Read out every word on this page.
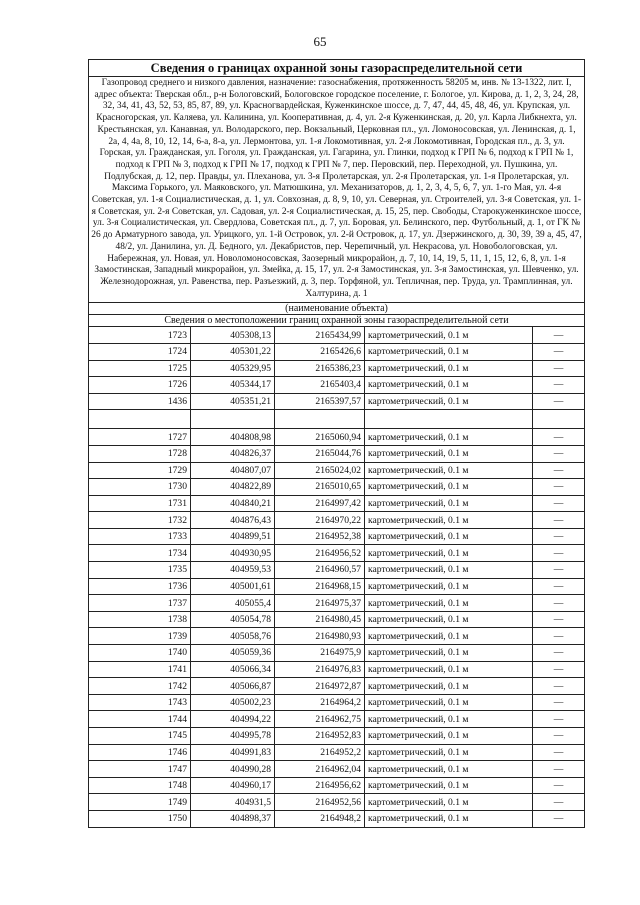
65
Сведения о границах охранной зоны газораспределительной сети				
Газопровод среднего и низкого давления, назначение: газоснабжения, протяженность 58205 м, инв. № 13-1322, лит. I, адрес объекта: Тверская обл., р-н Бологовский, Бологовское городское поселение, г. Бологое, ул. Кирова, д. 1, 2, 3, 24, 28, 32, 34, 41, 43, 52, 53, 85, 87, 89, ул. Красногвардейская, Куженкинское шоссе, д. 7, 47, 44, 45, 48, 46, ул. Крупская, ул. Красногорская, ул. Каляева, ул. Калинина, ул. Кооперативная, д. 4, ул. 2-я Куженкинская, д. 20, ул. Карла Либкнехта, ул. Крестьянская, ул. Канавная, ул. Володарского, пер. Вокзальный, Церковная пл., ул. Ломоносовская, ул. Ленинская, д. 1, 2а, 4, 4а, 8, 10, 12, 14, 6-а, 8-а, ул. Лермонтова, ул. 1-я Локомотивная, ул. 2-я Локомотивная, Городская пл., д. 3, ул. Горская, ул. Гражданская, ул. Гоголя, ул. Гражданская, ул. Гагарина, ул. Глинки, подход к ГРП № 6, подход к ГРП № 1, подход к ГРП № 3, подход к ГРП № 17, подход к ГРП № 7, пер. Перовский, пер. Переходной, ул. Пушкина, ул. Подлубская, д. 12, пер. Правды, ул. Плеханова, ул. 3-я Пролетарская, ул. 2-я Пролетарская, ул. 1-я Пролетарская, ул. Максима Горького, ул. Маяковского, ул. Матюшкина, ул. Механизаторов, д. 1, 2, 3, 4, 5, 6, 7, ул. 1-го Мая, ул. 4-я Советская, ул. 1-я Социалистическая, д. 1, ул. Совхозная, д. 8, 9, 10, ул. Северная, ул. Строителей, ул. 3-я Советская, ул. 1-я Советская, ул. 2-я Советская, ул. Садовая, ул. 2-я Социалистическая, д. 15, 25, пер. Свободы, Старокуженкинское шоссе, ул. 3-я Социалистическая, ул. Свердлова, Советская пл., д. 7, ул. Боровая, ул. Белинского, пер. Футбольный, д. 1, от ГК № 26 до Арматурного завода, ул. Урицкого, ул. 1-й Островок, ул. 2-й Островок, д. 17, ул. Дзержинского, д. 30, 39, 39 а, 45, 47, 48/2, ул. Данилина, ул. Д. Бедного, ул. Декабристов, пер. Черепичный, ул. Некрасова, ул. Новобологовская, ул. Набережная, ул. Новая, ул. Новоломоносовская, Заозерный микрорайон, д. 7, 10, 14, 19, 5, 11, 1, 15, 12, 6, 8, ул. 1-я Замостинская, Западный микрорайон, ул. Змейка, д. 15, 17, ул. 2-я Замостинская, ул. 3-я Замостинская, ул. Шевченко, ул. Железнодорожная, ул. Равенства, пер. Разъезжий, д. 3, пер. Торфяной, ул. Тепличная, пер. Труда, ул. Трамплинная, ул. Халтурина, д. 1				
(наименование объекта)				
Сведения о местоположении границ охранной зоны газораспределительной сети				
1723	405308,13	2165434,99	картометрический, 0.1 м	—
1724	405301,22	2165426,6	картометрический, 0.1 м	—
1725	405329,95	2165386,23	картометрический, 0.1 м	—
1726	405344,17	2165403,4	картометрический, 0.1 м	—
1436	405351,21	2165397,57	картометрический, 0.1 м	—

1727	404808,98	2165060,94	картометрический, 0.1 м	—
1728	404826,37	2165044,76	картометрический, 0.1 м	—
1729	404807,07	2165024,02	картометрический, 0.1 м	—
1730	404822,89	2165010,65	картометрический, 0.1 м	—
1731	404840,21	2164997,42	картометрический, 0.1 м	—
1732	404876,43	2164970,22	картометрический, 0.1 м	—
1733	404899,51	2164952,38	картометрический, 0.1 м	—
1734	404930,95	2164956,52	картометрический, 0.1 м	—
1735	404959,53	2164960,57	картометрический, 0.1 м	—
1736	405001,61	2164968,15	картометрический, 0.1 м	—
1737	405055,4	2164975,37	картометрический, 0.1 м	—
1738	405054,78	2164980,45	картометрический, 0.1 м	—
1739	405058,76	2164980,93	картометрический, 0.1 м	—
1740	405059,36	2164975,9	картометрический, 0.1 м	—
1741	405066,34	2164976,83	картометрический, 0.1 м	—
1742	405066,87	2164972,87	картометрический, 0.1 м	—
1743	405002,23	2164964,2	картометрический, 0.1 м	—
1744	404994,22	2164962,75	картометрический, 0.1 м	—
1745	404995,78	2164952,83	картометрический, 0.1 м	—
1746	404991,83	2164952,2	картометрический, 0.1 м	—
1747	404990,28	2164962,04	картометрический, 0.1 м	—
1748	404960,17	2164956,62	картометрический, 0.1 м	—
1749	404931,5	2164952,56	картометрический, 0.1 м	—
1750	404898,37	2164948,2	картометрический, 0.1 м	—
